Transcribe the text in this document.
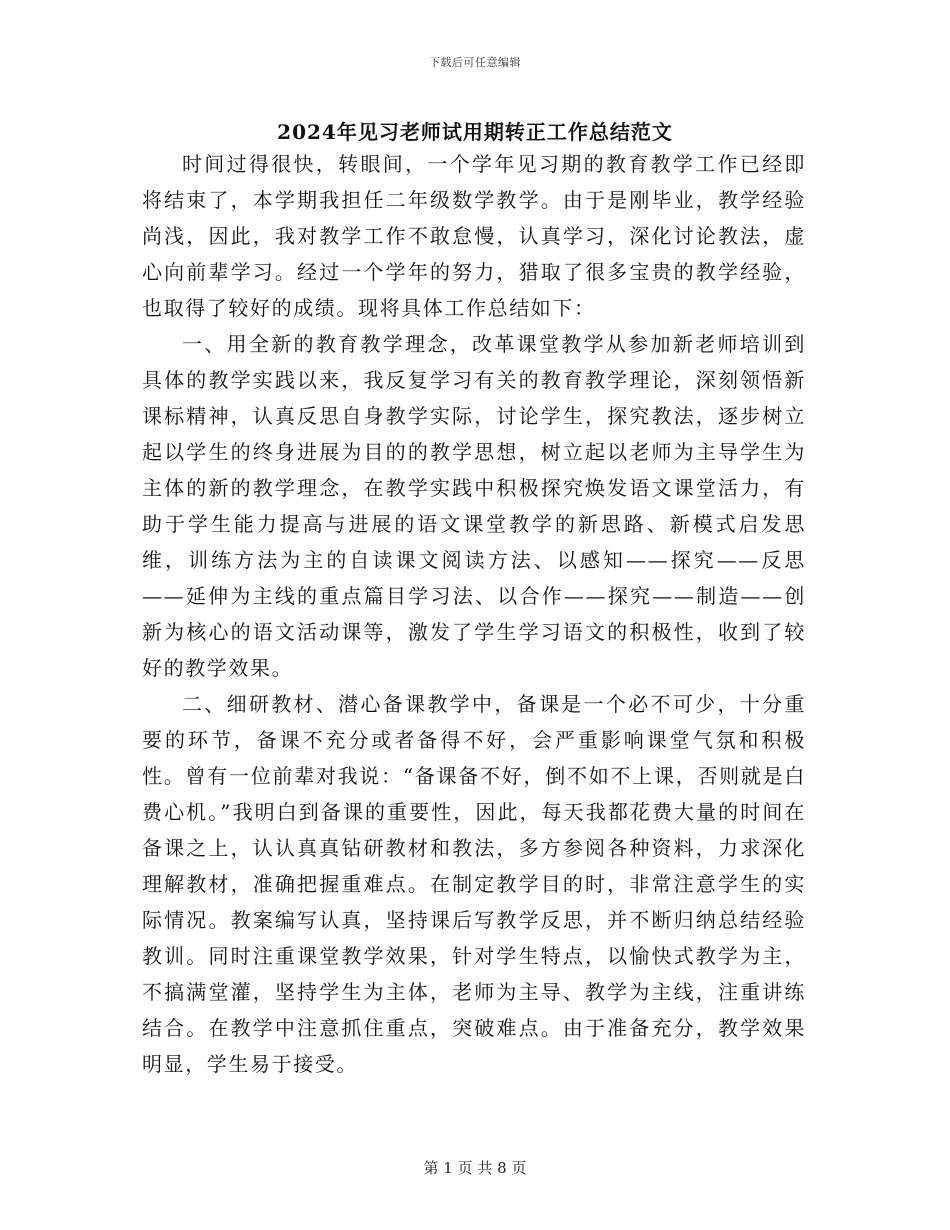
下载后可任意编辑
2024年见习老师试用期转正工作总结范文

时间过得很快，转眼间，一个学年见习期的教育教学工作已经即将结束了，本学期我担任二年级数学教学。由于是刚毕业，教学经验尚浅，因此，我对教学工作不敢怠慢，认真学习，深化讨论教法，虚心向前辈学习。经过一个学年的努力，猎取了很多宝贵的教学经验，也取得了较好的成绩。现将具体工作总结如下：

一、用全新的教育教学理念，改革课堂教学从参加新老师培训到具体的教学实践以来，我反复学习有关的教育教学理论，深刻领悟新课标精神，认真反思自身教学实际，讨论学生，探究教法，逐步树立起以学生的终身进展为目的的教学思想，树立起以老师为主导学生为主体的新的教学理念，在教学实践中积极探究焕发语文课堂活力，有助于学生能力提高与进展的语文课堂教学的新思路、新模式启发思维，训练方法为主的自读课文阅读方法、以感知——探究——反思——延伸为主线的重点篇目学习法、以合作——探究——制造——创新为核心的语文活动课等，激发了学生学习语文的积极性，收到了较好的教学效果。

二、细研教材、潜心备课教学中，备课是一个必不可少，十分重要的环节，备课不充分或者备得不好，会严重影响课堂气氛和积极性。曾有一位前辈对我说：“备课备不好，倒不如不上课，否则就是白费心机。”我明白到备课的重要性，因此，每天我都花费大量的时间在备课之上，认认真真钻研教材和教法，多方参阅各种资料，力求深化理解教材，准确把握重难点。在制定教学目的时，非常注意学生的实际情况。教案编写认真，坚持课后写教学反思，并不断归纳总结经验教训。同时注重课堂教学效果，针对学生特点，以愉快式教学为主，不搞满堂灌，坚持学生为主体，老师为主导、教学为主线，注重讲练结合。在教学中注意抓住重点，突破难点。由于准备充分，教学效果明显，学生易于接受。

第 1 页 共 8 页
